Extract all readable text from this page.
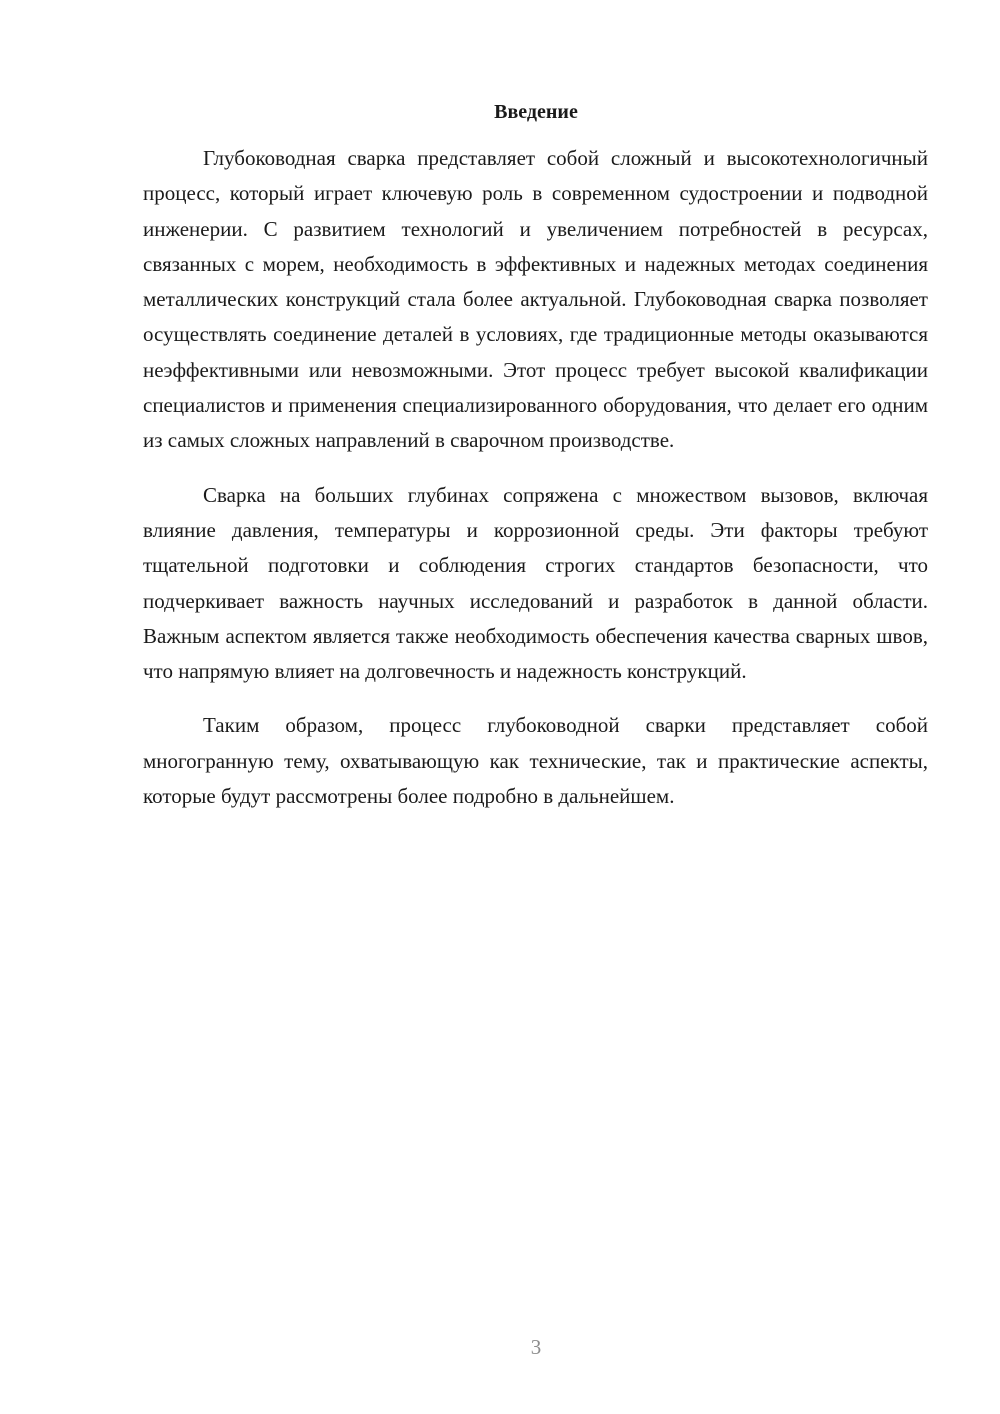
Введение

Глубоководная сварка представляет собой сложный и высокотехнологичный процесс, который играет ключевую роль в современном судостроении и подводной инженерии. С развитием технологий и увеличением потребностей в ресурсах, связанных с морем, необходимость в эффективных и надежных методах соединения металлических конструкций стала более актуальной. Глубоководная сварка позволяет осуществлять соединение деталей в условиях, где традиционные методы оказываются неэффективными или невозможными. Этот процесс требует высокой квалификации специалистов и применения специализированного оборудования, что делает его одним из самых сложных направлений в сварочном производстве.

Сварка на больших глубинах сопряжена с множеством вызовов, включая влияние давления, температуры и коррозионной среды. Эти факторы требуют тщательной подготовки и соблюдения строгих стандартов безопасности, что подчеркивает важность научных исследований и разработок в данной области. Важным аспектом является также необходимость обеспечения качества сварных швов, что напрямую влияет на долговечность и надежность конструкций.

Таким образом, процесс глубоководной сварки представляет собой многогранную тему, охватывающую как технические, так и практические аспекты, которые будут рассмотрены более подробно в дальнейшем.

3
